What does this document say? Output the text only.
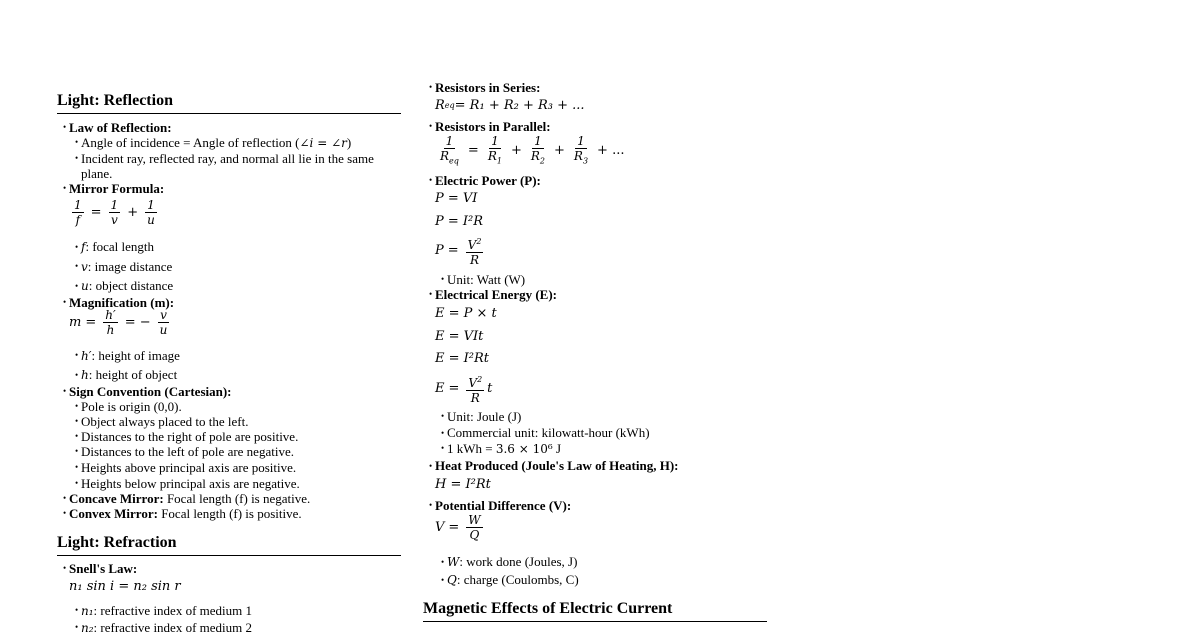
Light: Reflection
• Law of Reflection:
• Angle of incidence = Angle of reflection (∠i = ∠r)
• Incident ray, reflected ray, and normal all lie in the same plane.
• Mirror Formula:
$\frac{1}{f} = \frac{1}{v} + \frac{1}{u}$
• f: focal length
• v: image distance
• u: object distance
• Magnification (m):
$m = \frac{h'}{h}$ = − $\frac{v}{u}$
• h′: height of image
• h: height of object
• Sign Convention (Cartesian):
• Pole is origin (0,0).
• Object always placed to the left.
• Distances to the right of pole are positive.
• Distances to the left of pole are negative.
• Heights above principal axis are positive.
• Heights below principal axis are negative.
• Concave Mirror: Focal length (f) is negative.
• Convex Mirror: Focal length (f) is positive.
Light: Refraction
• Snell's Law:
n₁ sin i = n₂ sin r
• n₁: refractive index of medium 1
• n₂: refractive index of medium 2
• Resistors in Series:
R eq = R₁ + R₂ + R₃ + ...
• Resistors in Parallel:
$\frac{1}{R_{eq}} = \frac{1}{R_1} + \frac{1}{R_2} + \frac{1}{R_3}$ + ...
• Electric Power (P):
P = VI
P = I²R
$P = \frac{V^2}{R}$
• Unit: Watt (W)
• Electrical Energy (E):
E = P × t
E = VIt
E = I²Rt
$E = \frac{V^2}{R}$ t
• Unit: Joule (J)
• Commercial unit: kilowatt-hour (kWh)
• 1 kWh = 3.6 × 10⁶ J
• Heat Produced (Joule's Law of Heating, H):
H = I²Rt
• Potential Difference (V):
$V = \frac{W}{Q}$
• W: work done (Joules, J)
• Q: charge (Coulombs, C)
Magnetic Effects of Electric Current
